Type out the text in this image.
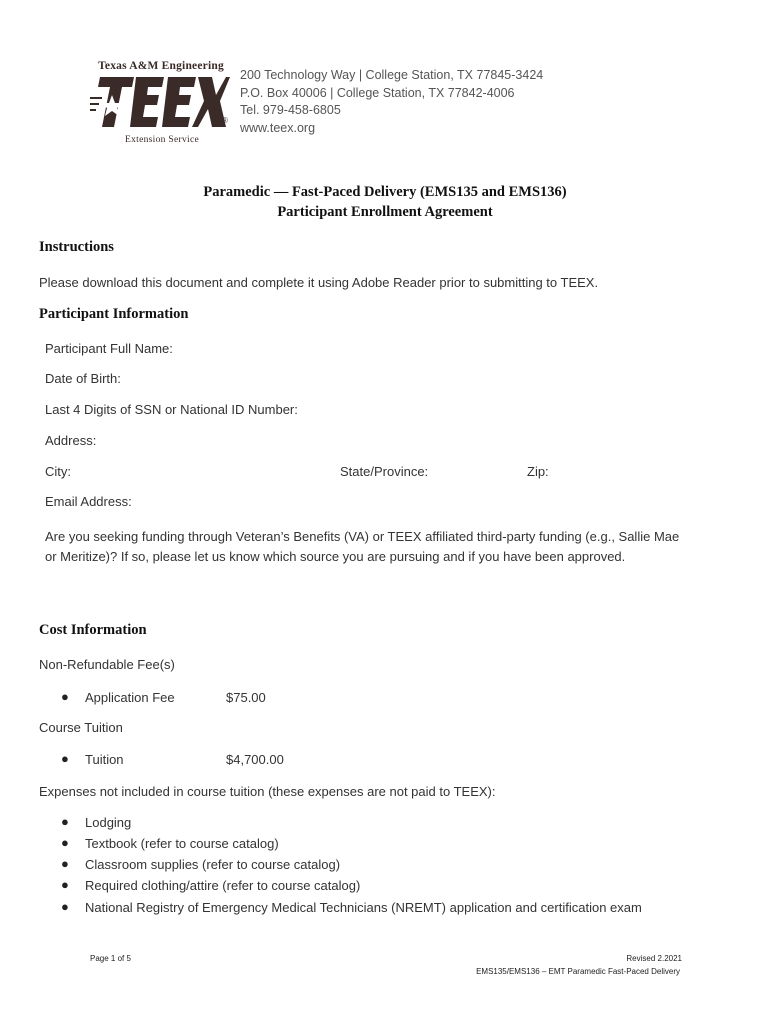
Texas A&M Engineering
®
Extension Service
200 Technology Way | College Station, TX 77845-3424
P.O. Box 40006 | College Station, TX 77842-4006
Tel. 979-458-6805
www.teex.org
Paramedic — Fast-Paced Delivery (EMS135 and EMS136)
Participant Enrollment Agreement
Instructions
Please download this document and complete it using Adobe Reader prior to submitting to TEEX.
Participant Information
Participant Full Name:
Date of Birth:
Last 4 Digits of SSN or National ID Number:
Address:
City:	State/Province:	Zip:
Email Address:
Are you seeking funding through Veteran’s Benefits (VA) or TEEX affiliated third-party funding (e.g., Sallie Mae or Meritize)? If so, please let us know which source you are pursuing and if you have been approved.
Cost Information
Non-Refundable Fee(s)
● Application Fee	$75.00
Course Tuition
● Tuition	$4,700.00
Expenses not included in course tuition (these expenses are not paid to TEEX):
● Lodging
● Textbook (refer to course catalog)
● Classroom supplies (refer to course catalog)
● Required clothing/attire (refer to course catalog)
● National Registry of Emergency Medical Technicians (NREMT) application and certification exam
Page 1 of 5	Revised 2.2021
EMS135/EMS136 – EMT Paramedic Fast-Paced Delivery
